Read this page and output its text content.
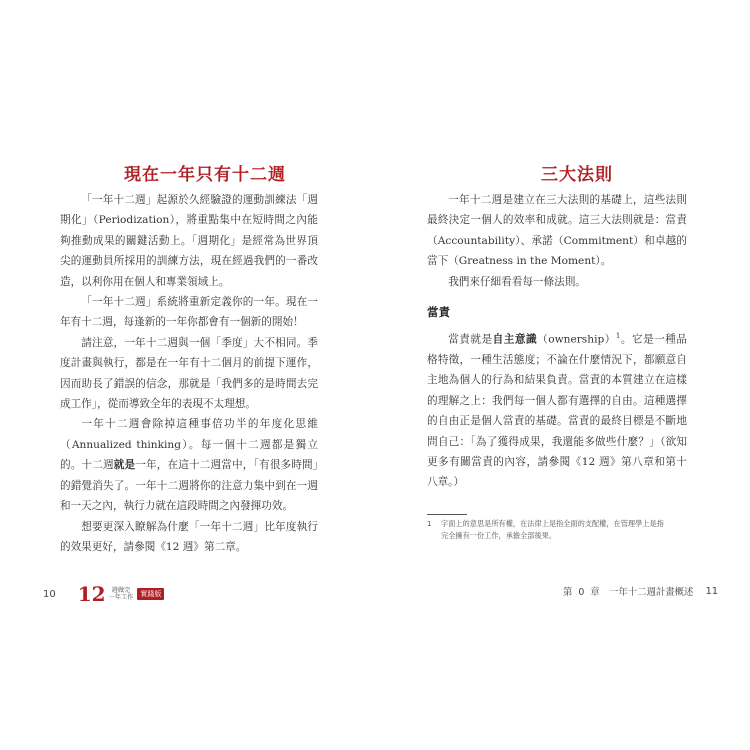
現在一年只有十二週

「一年十二週」起源於久經驗證的運動訓練法「週期化」（Periodization），將重點集中在短時間之內能夠推動成果的關鍵活動上。「週期化」是經常為世界頂尖的運動員所採用的訓練方法，現在經過我們的一番改造，以利你用在個人和專業領域上。

「一年十二週」系統將重新定義你的一年。現在一年有十二週，每逢新的一年你都會有一個新的開始！

請注意，一年十二週與一個「季度」大不相同。季度計畫與執行，都是在一年有十二個月的前提下運作，因而助長了錯誤的信念，那就是「我們多的是時間去完成工作」，從而導致全年的表現不太理想。

一年十二週會除掉這種事倍功半的年度化思維（Annualized thinking）。每一個十二週都是獨立的。十二週就是一年，在這十二週當中，「有很多時間」的錯覺消失了。一年十二週將你的注意力集中到在一週和一天之內，執行力就在這段時間之內發揮功效。

想要更深入瞭解為什麼「一年十二週」比年度執行的效果更好，請參閱《12 週》第二章。

10 12 週做完
一年工作	實踐版
三大法則

一年十二週是建立在三大法則的基礎上，這些法則最終決定一個人的效率和成就。這三大法則就是：當責（Accountability）、承諾（Commitment）和卓越的當下（Greatness in the Moment）。

我們來仔細看看每一條法則。

當責

當責就是自主意識（ownership）$^1$。它是一種品格特徵，一種生活態度；不論在什麼情況下，都願意自主地為個人的行為和結果負責。當責的本質建立在這樣的理解之上：我們每一個人都有選擇的自由。這種選擇的自由正是個人當責的基礎。當責的最終目標是不斷地問自己：「為了獲得成果，我還能多做些什麼？」（欲知更多有關當責的內容，請參閱《12 週》第八章和第十八章。）

1	字面上的意思是所有權，在法律上是指全面的支配權，在管理學上是指完全擁有一份工作，承擔全部後果。
第 0 章　一年十二週計畫概述 11
